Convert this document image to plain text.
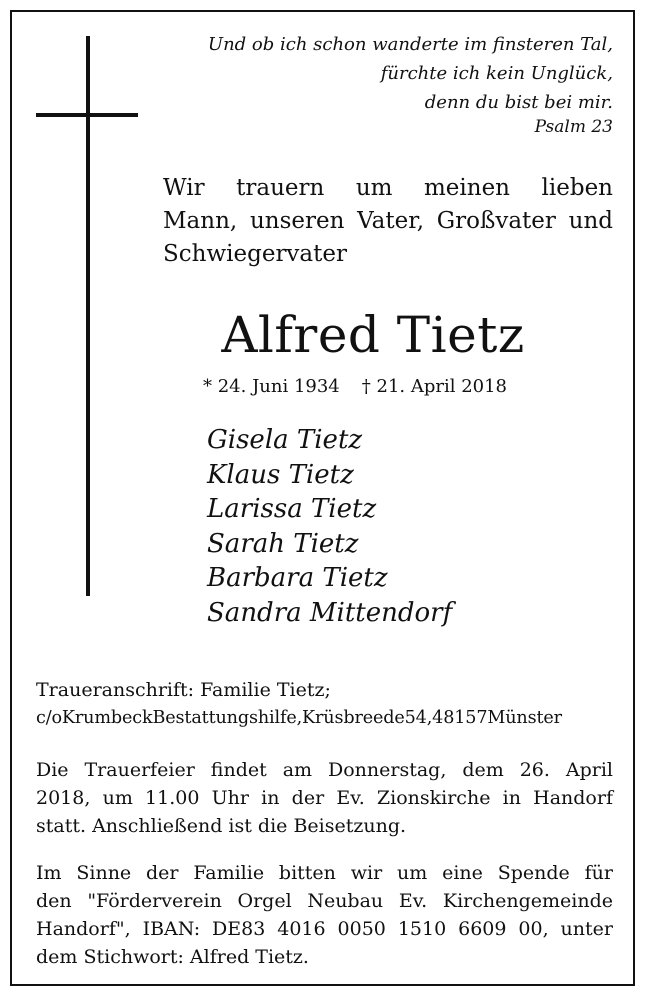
Und ob ich schon wanderte im finsteren Tal,
fürchte ich kein Unglück,
denn du bist bei mir.
Psalm 23
Wir trauern um meinen lieben
Mann, unseren Vater, Großvater und
Schwiegervater
Alfred Tietz
* 24. Juni 1934 † 21. April 2018
Gisela Tietz
Klaus Tietz
Larissa Tietz
Sarah Tietz
Barbara Tietz
Sandra Mittendorf
Traueranschrift: Familie Tietz;
c/oKrumbeckBestattungshilfe,Krüsbreede54,48157Münster
Die Trauerfeier findet am Donnerstag, dem 26. April
2018, um 11.00 Uhr in der Ev. Zionskirche in Handorf
statt. Anschließend ist die Beisetzung.
Im Sinne der Familie bitten wir um eine Spende für
den "Förderverein Orgel Neubau Ev. Kirchengemeinde
Handorf", IBAN: DE83 4016 0050 1510 6609 00, unter
dem Stichwort: Alfred Tietz.
